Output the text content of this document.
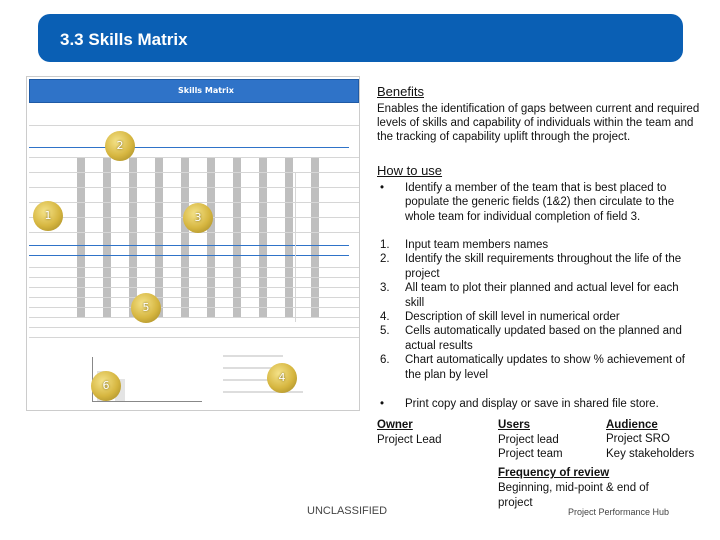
3.3 Skills Matrix
Skills Matrix
2
1	3
5
6
4
Benefits
Enables the identification of gaps between current and required levels of skills and capability of individuals within the team and the tracking of capability uplift through the project.
How to use
• Identify a member of the team that is best placed to populate the generic fields (1&2) then circulate to the whole team for individual completion of field 3.
1. Input team members names
2. Identify the skill requirements throughout the life of the project
3. All team to plot their planned and actual level for each skill
4. Description of skill level in numerical order
5. Cells automatically updated based on the planned and actual results
6. Chart automatically updates to show % achievement of the plan by level
• Print copy and display or save in shared file store.
Owner
Project Lead
Users
Project lead
Project team
Audience
Project SRO
Key stakeholders
Frequency of review
Beginning, mid-point & end of project
UNCLASSIFIED	Project Performance Hub
